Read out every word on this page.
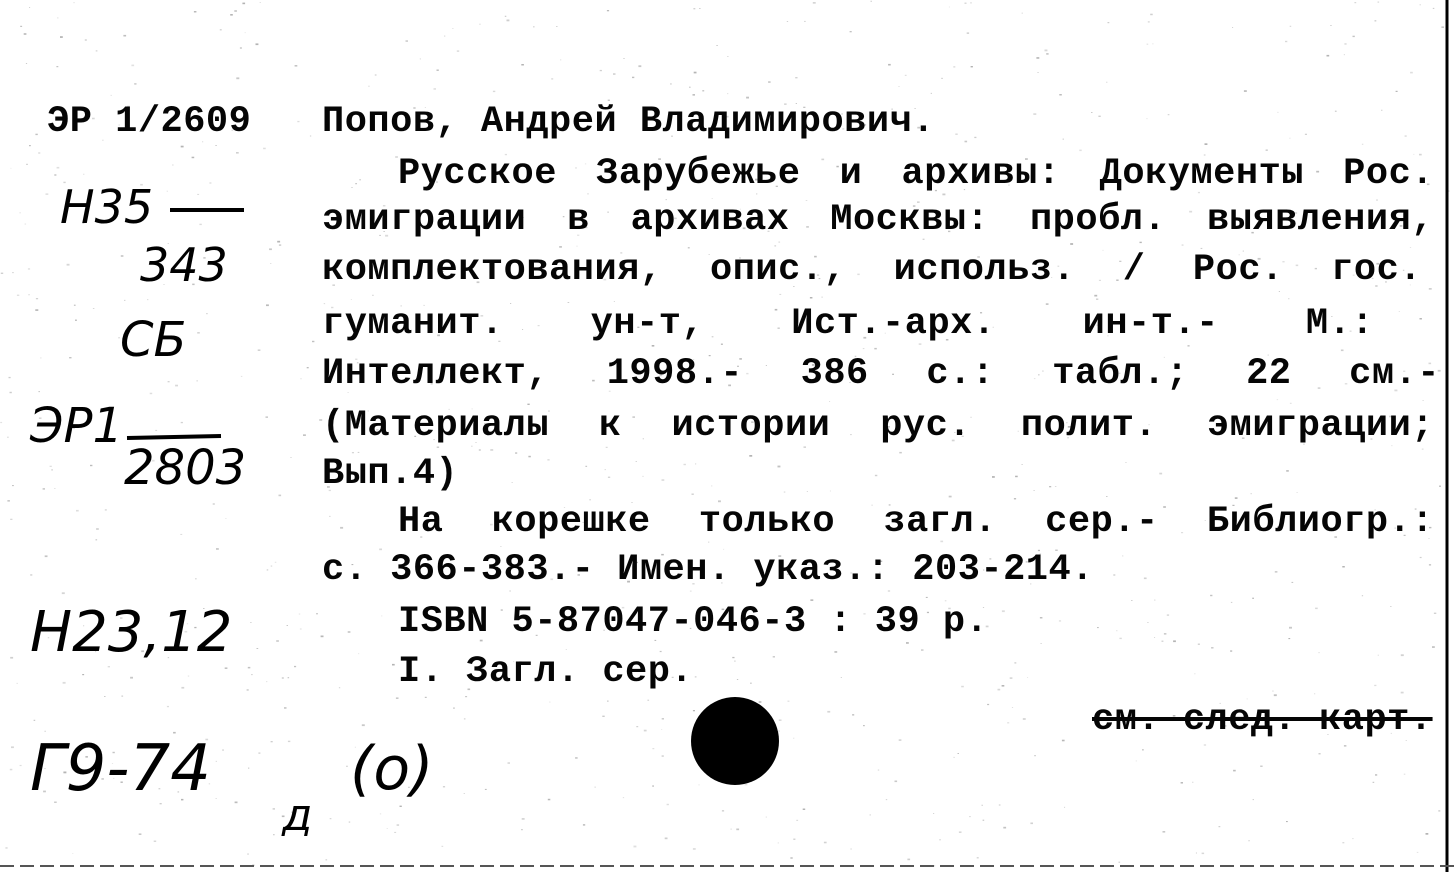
ЭР 1/2609
Н35
343
СБ
ЭР1
2803
Н23,12
Г9-74
д
(о)
Попов, Андрей Владимирович.
Русское Зарубежье и архивы: Документы Рос.
эмиграции в архивах Москвы: пробл. выявления,
комплектования, опис., использ. / Рос. гос.
гуманит. ун-т, Ист.-арх. ин-т.- М.:
Интеллект, 1998.- 386 с.: табл.; 22 см.-
(Материалы к истории рус. полит. эмиграции;
Вып.4)
На корешке только загл. сер.- Библиогр.:
с. 366-383.- Имен. указ.: 203-214.
ISBN 5-87047-046-3 : 39 р.
I. Загл. сер.
см. след. карт.
